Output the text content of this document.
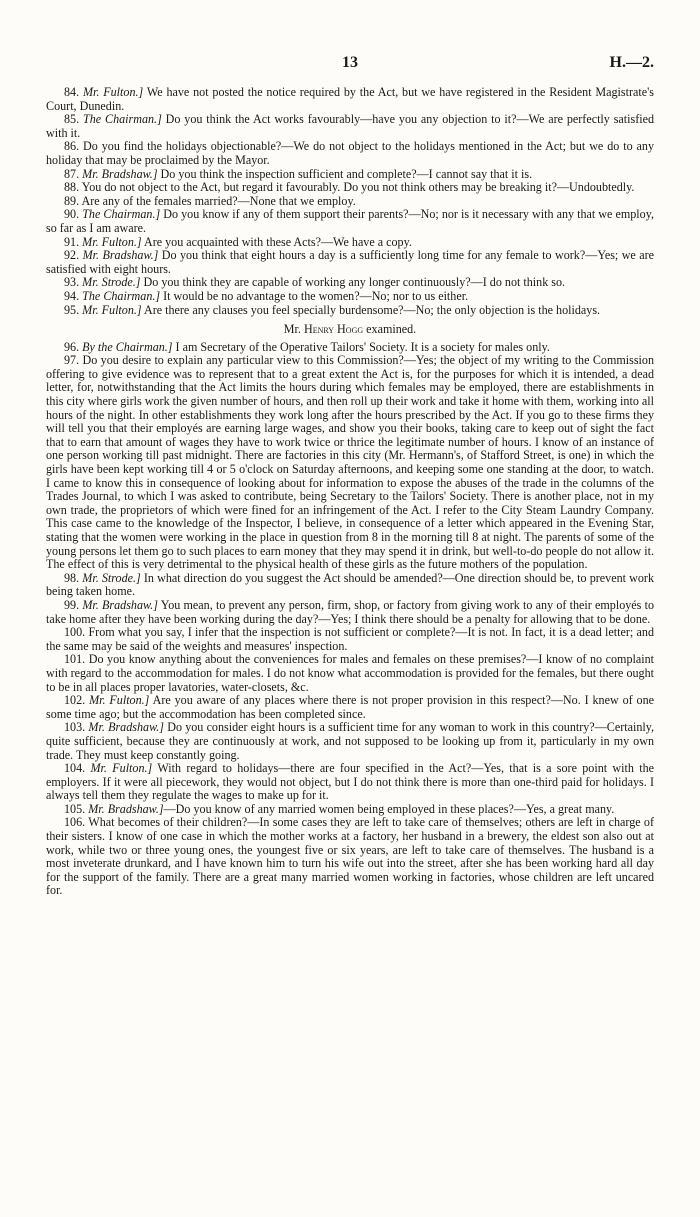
13	H.—2.

84. Mr. Fulton.] We have not posted the notice required by the Act, but we have registered in the Resident Magistrate's Court, Dunedin.

85. The Chairman.] Do you think the Act works favourably—have you any objection to it?—We are perfectly satisfied with it.

86. Do you find the holidays objectionable?—We do not object to the holidays mentioned in the Act; but we do to any holiday that may be proclaimed by the Mayor.

87. Mr. Bradshaw.] Do you think the inspection sufficient and complete?—I cannot say that it is.

88. You do not object to the Act, but regard it favourably. Do you not think others may be breaking it?—Undoubtedly.

89. Are any of the females married?—None that we employ.

90. The Chairman.] Do you know if any of them support their parents?—No; nor is it necessary with any that we employ, so far as I am aware.

91. Mr. Fulton.] Are you acquainted with these Acts?—We have a copy.

92. Mr. Bradshaw.] Do you think that eight hours a day is a sufficiently long time for any female to work?—Yes; we are satisfied with eight hours.

93. Mr. Strode.] Do you think they are capable of working any longer continuously?—I do not think so.

94. The Chairman.] It would be no advantage to the women?—No; nor to us either.

95. Mr. Fulton.] Are there any clauses you feel specially burdensome?—No; the only objection is the holidays.

Mr. Henry Hogg examined.

96. By the Chairman.] I am Secretary of the Operative Tailors' Society. It is a society for males only.

97. Do you desire to explain any particular view to this Commission?—Yes; the object of my writing to the Commission offering to give evidence was to represent that to a great extent the Act is, for the purposes for which it is intended, a dead letter, for, notwithstanding that the Act limits the hours during which females may be employed, there are establishments in this city where girls work the given number of hours, and then roll up their work and take it home with them, working into all hours of the night. In other establishments they work long after the hours prescribed by the Act. If you go to these firms they will tell you that their employés are earning large wages, and show you their books, taking care to keep out of sight the fact that to earn that amount of wages they have to work twice or thrice the legitimate number of hours. I know of an instance of one person working till past midnight. There are factories in this city (Mr. Hermann's, of Stafford Street, is one) in which the girls have been kept working till 4 or 5 o'clock on Saturday afternoons, and keeping some one standing at the door, to watch. I came to know this in consequence of looking about for information to expose the abuses of the trade in the columns of the Trades Journal, to which I was asked to contribute, being Secretary to the Tailors' Society. There is another place, not in my own trade, the proprietors of which were fined for an infringement of the Act. I refer to the City Steam Laundry Company. This case came to the knowledge of the Inspector, I believe, in consequence of a letter which appeared in the Evening Star, stating that the women were working in the place in question from 8 in the morning till 8 at night. The parents of some of the young persons let them go to such places to earn money that they may spend it in drink, but well-to-do people do not allow it. The effect of this is very detrimental to the physical health of these girls as the future mothers of the population.

98. Mr. Strode.] In what direction do you suggest the Act should be amended?—One direction should be, to prevent work being taken home.

99. Mr. Bradshaw.] You mean, to prevent any person, firm, shop, or factory from giving work to any of their employés to take home after they have been working during the day?—Yes; I think there should be a penalty for allowing that to be done.

100. From what you say, I infer that the inspection is not sufficient or complete?—It is not. In fact, it is a dead letter; and the same may be said of the weights and measures' inspection.

101. Do you know anything about the conveniences for males and females on these premises?—I know of no complaint with regard to the accommodation for males. I do not know what accommodation is provided for the females, but there ought to be in all places proper lavatories, water-closets, &c.

102. Mr. Fulton.] Are you aware of any places where there is not proper provision in this respect?—No. I knew of one some time ago; but the accommodation has been completed since.

103. Mr. Bradshaw.] Do you consider eight hours is a sufficient time for any woman to work in this country?—Certainly, quite sufficient, because they are continuously at work, and not supposed to be looking up from it, particularly in my own trade. They must keep constantly going.

104. Mr. Fulton.] With regard to holidays—there are four specified in the Act?—Yes, that is a sore point with the employers. If it were all piecework, they would not object, but I do not think there is more than one-third paid for holidays. I always tell them they regulate the wages to make up for it.

105. Mr. Bradshaw.]—Do you know of any married women being employed in these places?—Yes, a great many.

106. What becomes of their children?—In some cases they are left to take care of themselves; others are left in charge of their sisters. I know of one case in which the mother works at a factory, her husband in a brewery, the eldest son also out at work, while two or three young ones, the youngest five or six years, are left to take care of themselves. The husband is a most inveterate drunkard, and I have known him to turn his wife out into the street, after she has been working hard all day for the support of the family. There are a great many married women working in factories, whose children are left uncared for.
